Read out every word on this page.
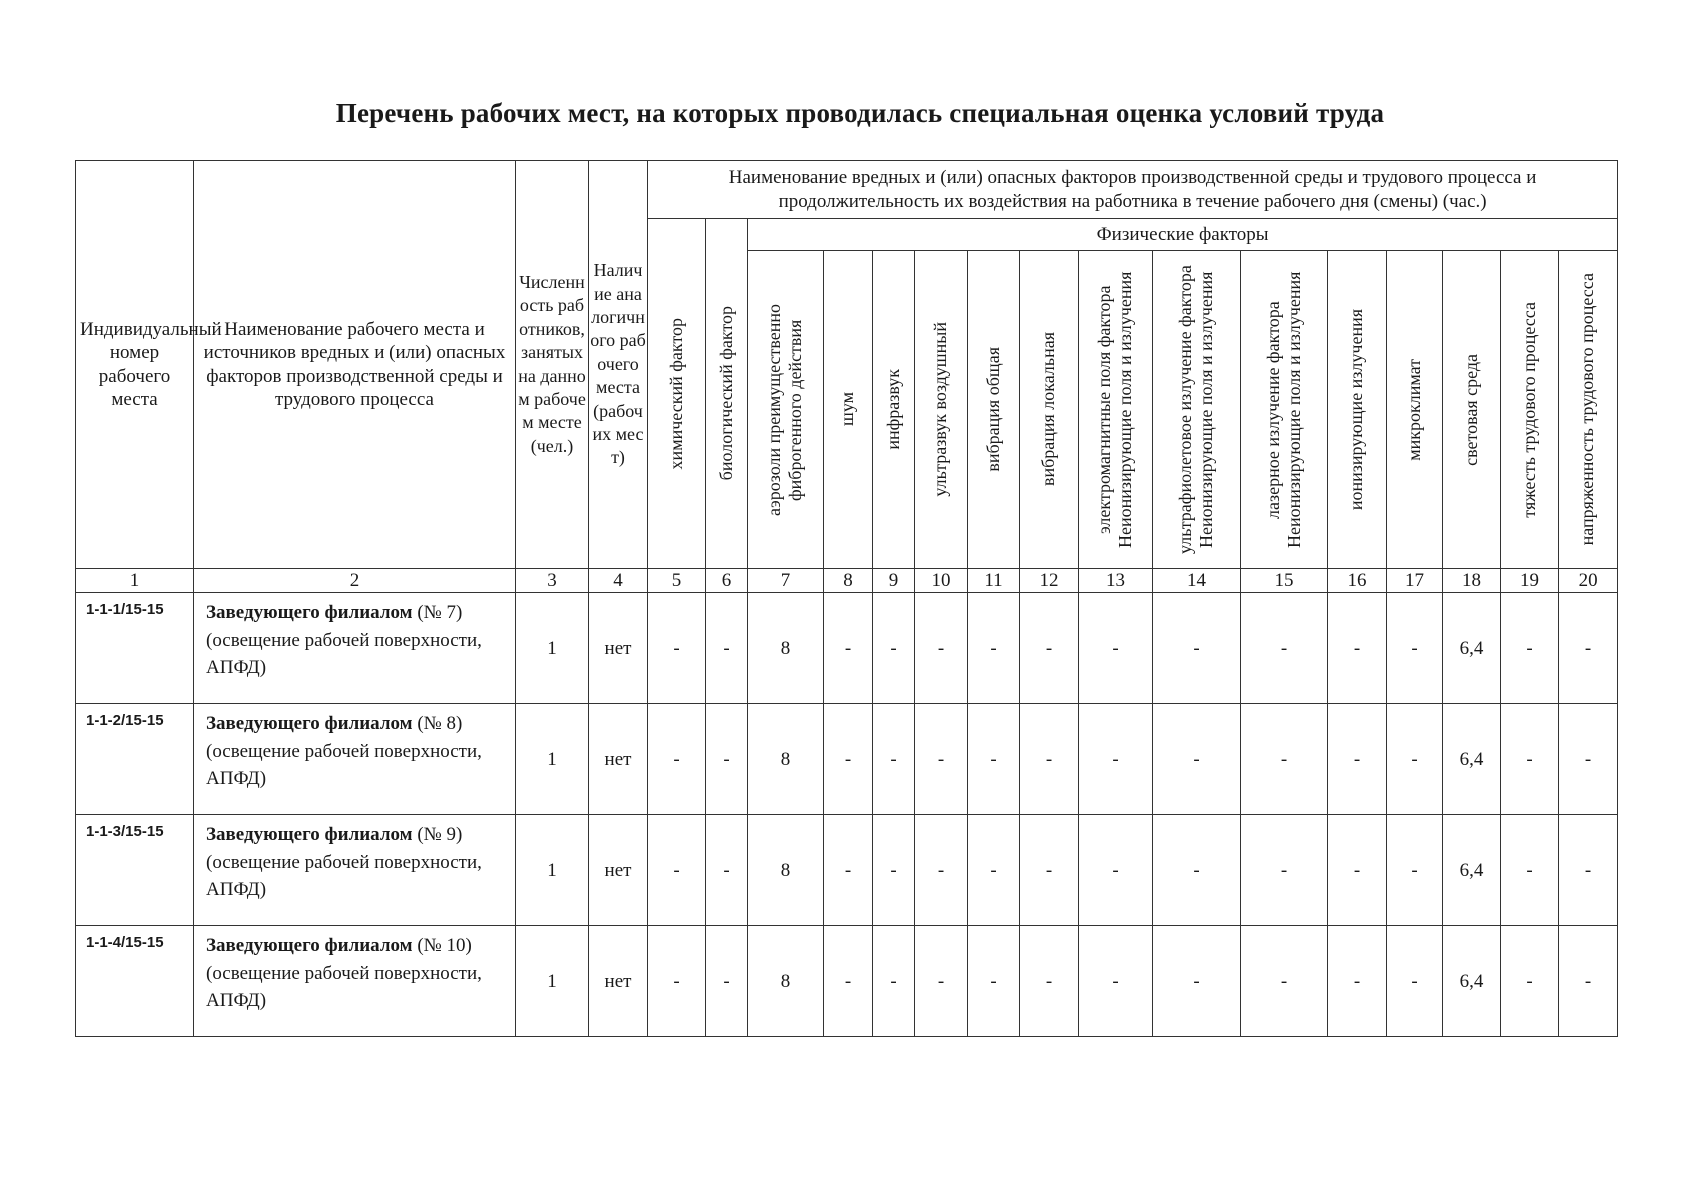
Перечень рабочих мест, на которых проводилась специальная оценка условий труда
Индивидуальный номер рабочего места	Наименование рабочего места и источников вредных и (или) опасных факторов производственной среды и трудового процесса	Численность работников, занятых на данном рабочем месте (чел.)	Наличие аналогичного рабочего места (рабочих мест)	Наименование вредных и (или) опасных факторов производственной среды и трудового процесса и продолжительность их воздействия на работника в течение рабочего дня (смены) (час.)															

				химический фактор	биологический фактор	Физические факторы													

						аэрозоли преимущественно фиброгенного действия	шум	инфразвук	ультразвук воздушный	вибрация общая	вибрация локальная	электромагнитные поля фактора Неионизирующие поля и излучения	ультрафиолетовое излучение фактора Неионизирующие поля и излучения	лазерное излучение фактора Неионизирующие поля и излучения	ионизирующие излучения	микроклимат	световая среда	тяжесть трудового процесса	напряженность трудового процесса

1	2	3	4	5	6	7	8	9	10	11	12	13	14	15	16	17	18	19	20
1-1-1/15-15	Заведующего филиалом (№ 7) (освещение рабочей поверхности, АПФД)	1	нет	-	-	8	-	-	-	-	-	-	-	-	-	-	6,4	-	-
1-1-2/15-15	Заведующего филиалом (№ 8) (освещение рабочей поверхности, АПФД)	1	нет	-	-	8	-	-	-	-	-	-	-	-	-	-	6,4	-	-
1-1-3/15-15	Заведующего филиалом (№ 9) (освещение рабочей поверхности, АПФД)	1	нет	-	-	8	-	-	-	-	-	-	-	-	-	-	6,4	-	-
1-1-4/15-15	Заведующего филиалом (№ 10) (освещение рабочей поверхности, АПФД)	1	нет	-	-	8	-	-	-	-	-	-	-	-	-	-	6,4	-	-
